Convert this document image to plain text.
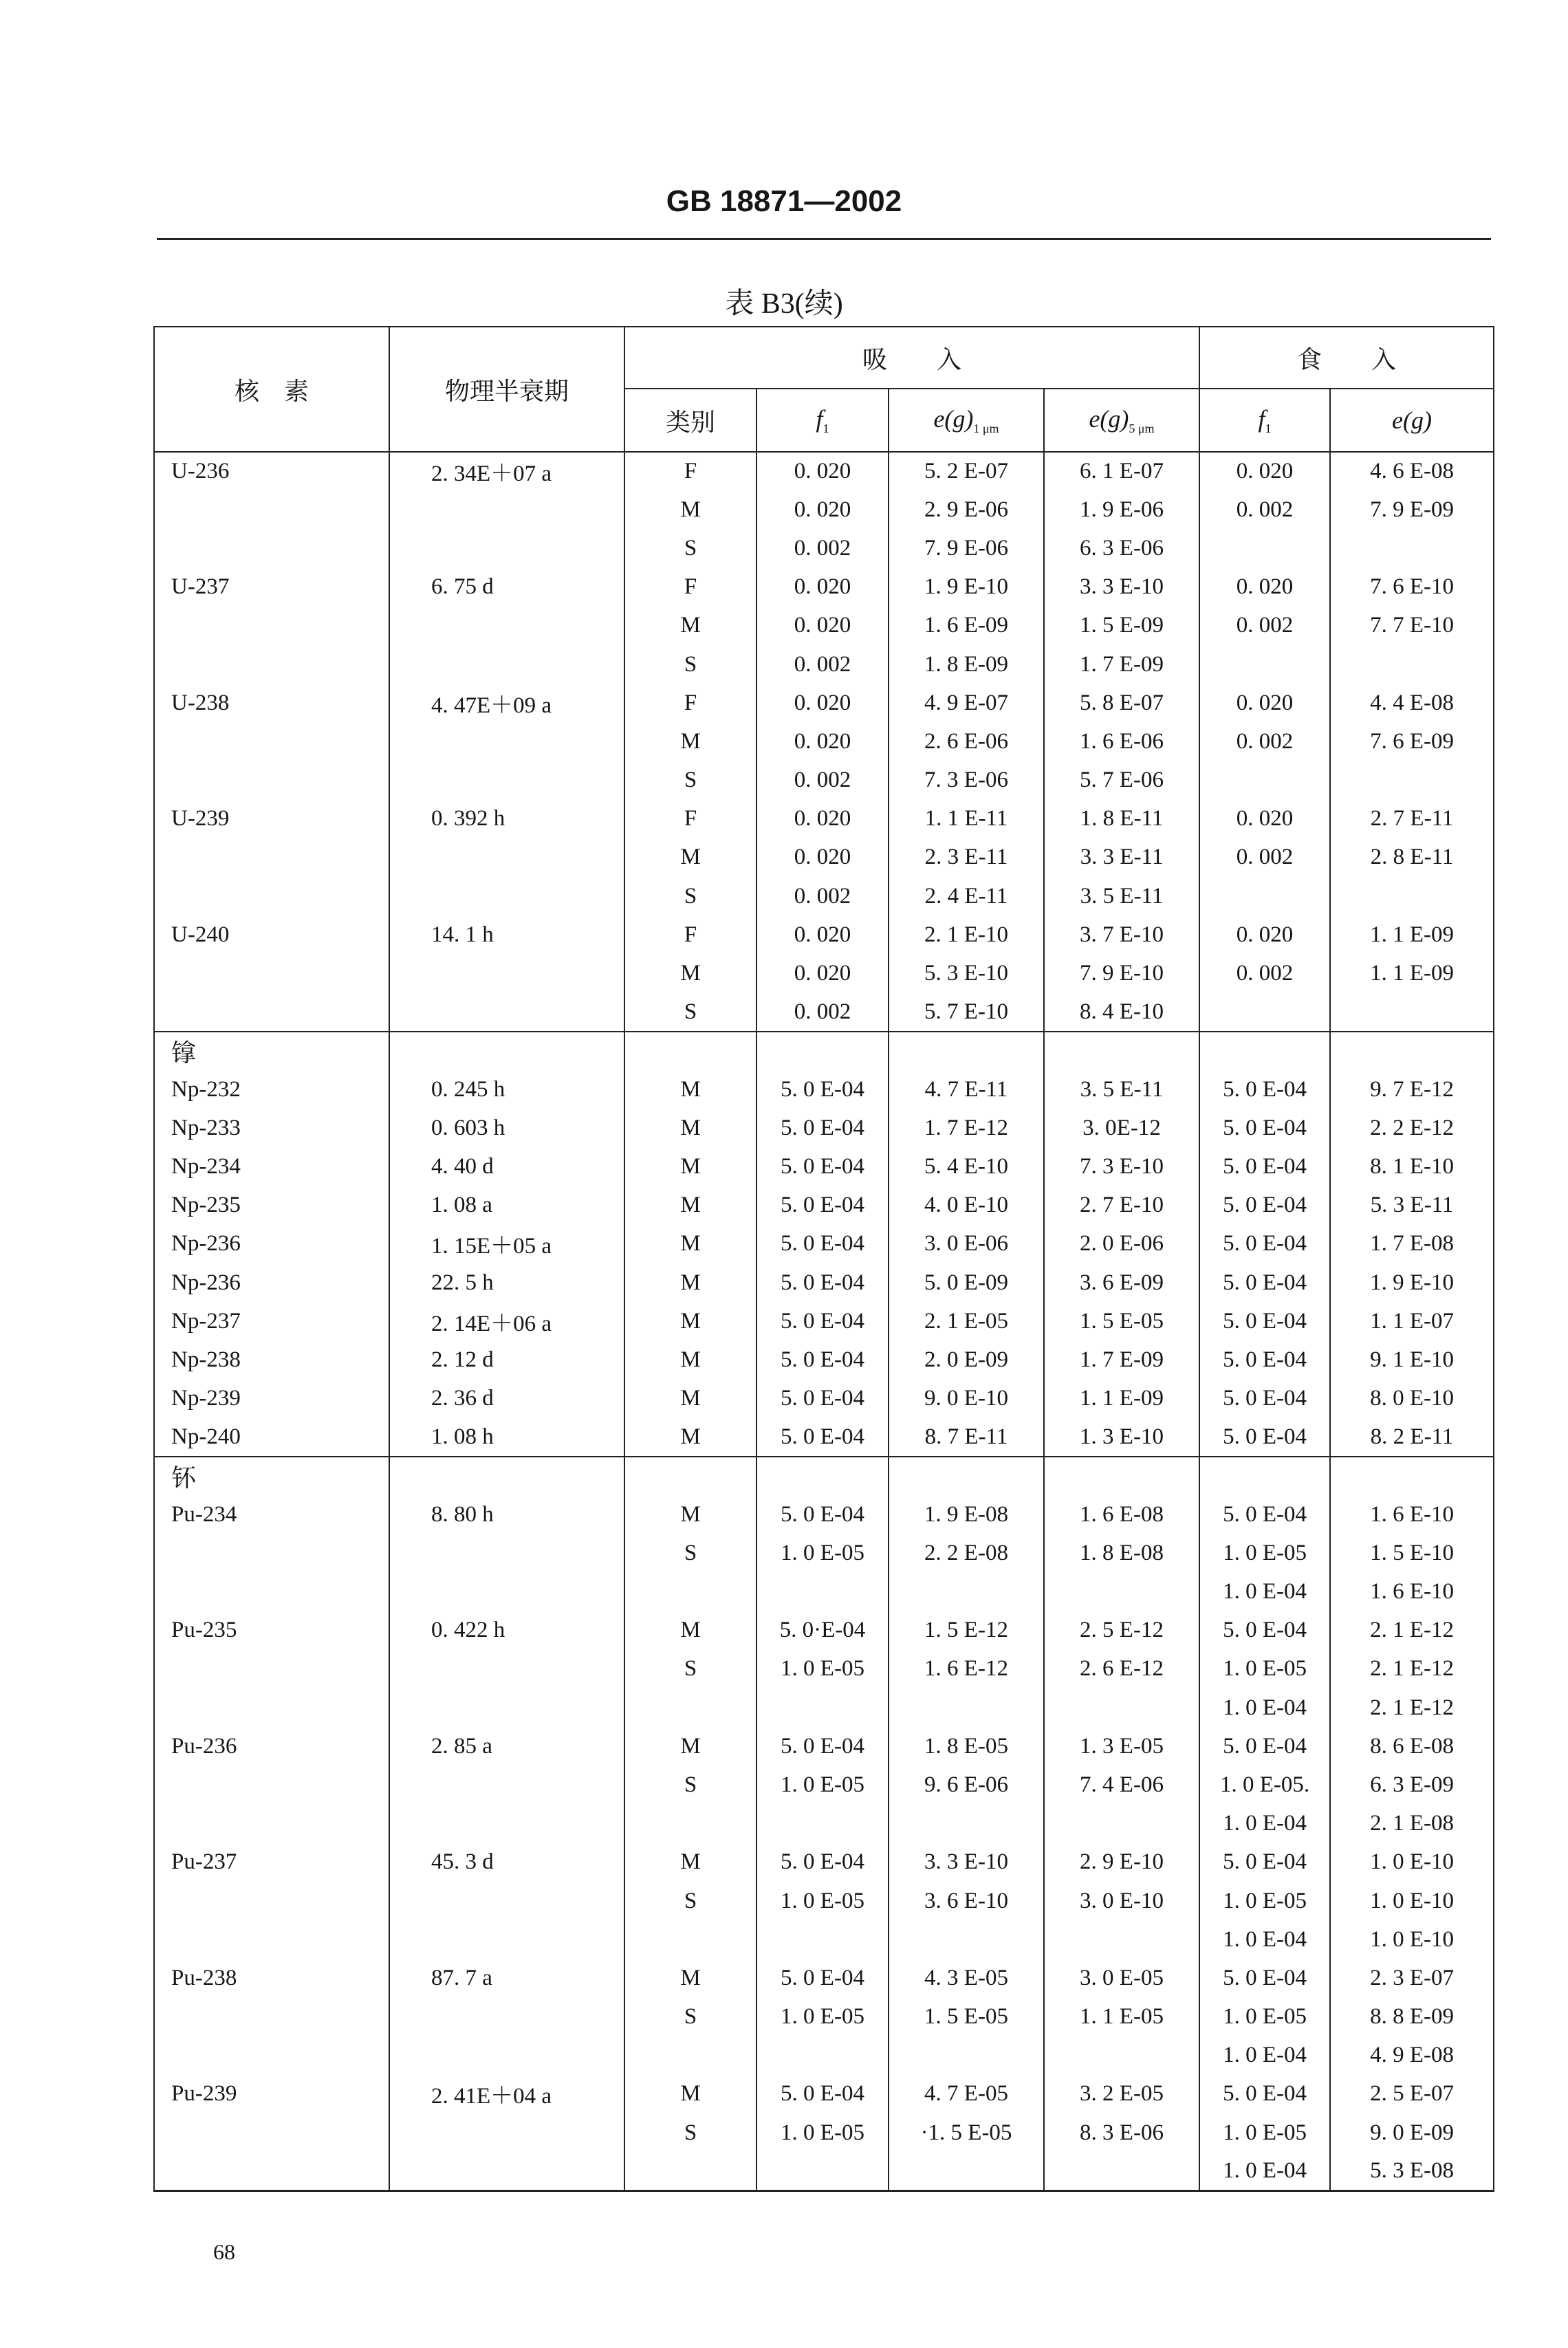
GB 18871—2002
表 B3(续)
核　素	物理半衰期	吸　　入				食　　入	
		类别	$f_1$	$e(g)_{1 \mu m}$	$e(g)_{5 \mu m}$	$f_1$	e(g)
U-236	2. 34E＋07 a	F	0. 020	5. 2 E-07	6. 1 E-07	0. 020	4. 6 E-08
		M	0. 020	2. 9 E-06	1. 9 E-06	0. 002	7. 9 E-09
		S	0. 002	7. 9 E-06	6. 3 E-06		
U-237	6. 75 d	F	0. 020	1. 9 E-10	3. 3 E-10	0. 020	7. 6 E-10
		M	0. 020	1. 6 E-09	1. 5 E-09	0. 002	7. 7 E-10
		S	0. 002	1. 8 E-09	1. 7 E-09		
U-238	4. 47E＋09 a	F	0. 020	4. 9 E-07	5. 8 E-07	0. 020	4. 4 E-08
		M	0. 020	2. 6 E-06	1. 6 E-06	0. 002	7. 6 E-09
		S	0. 002	7. 3 E-06	5. 7 E-06		
U-239	0. 392 h	F	0. 020	1. 1 E-11	1. 8 E-11	0. 020	2. 7 E-11
		M	0. 020	2. 3 E-11	3. 3 E-11	0. 002	2. 8 E-11
		S	0. 002	2. 4 E-11	3. 5 E-11		
U-240	14. 1 h	F	0. 020	2. 1 E-10	3. 7 E-10	0. 020	1. 1 E-09
		M	0. 020	5. 3 E-10	7. 9 E-10	0. 002	1. 1 E-09
		S	0. 002	5. 7 E-10	8. 4 E-10		
镎							
Np-232	0. 245 h	M	5. 0 E-04	4. 7 E-11	3. 5 E-11	5. 0 E-04	9. 7 E-12
Np-233	0. 603 h	M	5. 0 E-04	1. 7 E-12	3. 0E-12	5. 0 E-04	2. 2 E-12
Np-234	4. 40 d	M	5. 0 E-04	5. 4 E-10	7. 3 E-10	5. 0 E-04	8. 1 E-10
Np-235	1. 08 a	M	5. 0 E-04	4. 0 E-10	2. 7 E-10	5. 0 E-04	5. 3 E-11
Np-236	1. 15E＋05 a	M	5. 0 E-04	3. 0 E-06	2. 0 E-06	5. 0 E-04	1. 7 E-08
Np-236	22. 5 h	M	5. 0 E-04	5. 0 E-09	3. 6 E-09	5. 0 E-04	1. 9 E-10
Np-237	2. 14E＋06 a	M	5. 0 E-04	2. 1 E-05	1. 5 E-05	5. 0 E-04	1. 1 E-07
Np-238	2. 12 d	M	5. 0 E-04	2. 0 E-09	1. 7 E-09	5. 0 E-04	9. 1 E-10
Np-239	2. 36 d	M	5. 0 E-04	9. 0 E-10	1. 1 E-09	5. 0 E-04	8. 0 E-10
Np-240	1. 08 h	M	5. 0 E-04	8. 7 E-11	1. 3 E-10	5. 0 E-04	8. 2 E-11
钚							
Pu-234	8. 80 h	M	5. 0 E-04	1. 9 E-08	1. 6 E-08	5. 0 E-04	1. 6 E-10
		S	1. 0 E-05	2. 2 E-08	1. 8 E-08	1. 0 E-05	1. 5 E-10
						1. 0 E-04	1. 6 E-10
Pu-235	0. 422 h	M	5. 0·E-04	1. 5 E-12	2. 5 E-12	5. 0 E-04	2. 1 E-12
		S	1. 0 E-05	1. 6 E-12	2. 6 E-12	1. 0 E-05	2. 1 E-12
						1. 0 E-04	2. 1 E-12
Pu-236	2. 85 a	M	5. 0 E-04	1. 8 E-05	1. 3 E-05	5. 0 E-04	8. 6 E-08
		S	1. 0 E-05	9. 6 E-06	7. 4 E-06	1. 0 E-05.	6. 3 E-09
						1. 0 E-04	2. 1 E-08
Pu-237	45. 3 d	M	5. 0 E-04	3. 3 E-10	2. 9 E-10	5. 0 E-04	1. 0 E-10
		S	1. 0 E-05	3. 6 E-10	3. 0 E-10	1. 0 E-05	1. 0 E-10
						1. 0 E-04	1. 0 E-10
Pu-238	87. 7 a	M	5. 0 E-04	4. 3 E-05	3. 0 E-05	5. 0 E-04	2. 3 E-07
		S	1. 0 E-05	1. 5 E-05	1. 1 E-05	1. 0 E-05	8. 8 E-09
						1. 0 E-04	4. 9 E-08
Pu-239	2. 41E＋04 a	M	5. 0 E-04	4. 7 E-05	3. 2 E-05	5. 0 E-04	2. 5 E-07
		S	1. 0 E-05	·1. 5 E-05	8. 3 E-06	1. 0 E-05	9. 0 E-09
						1. 0 E-04	5. 3 E-08
68
